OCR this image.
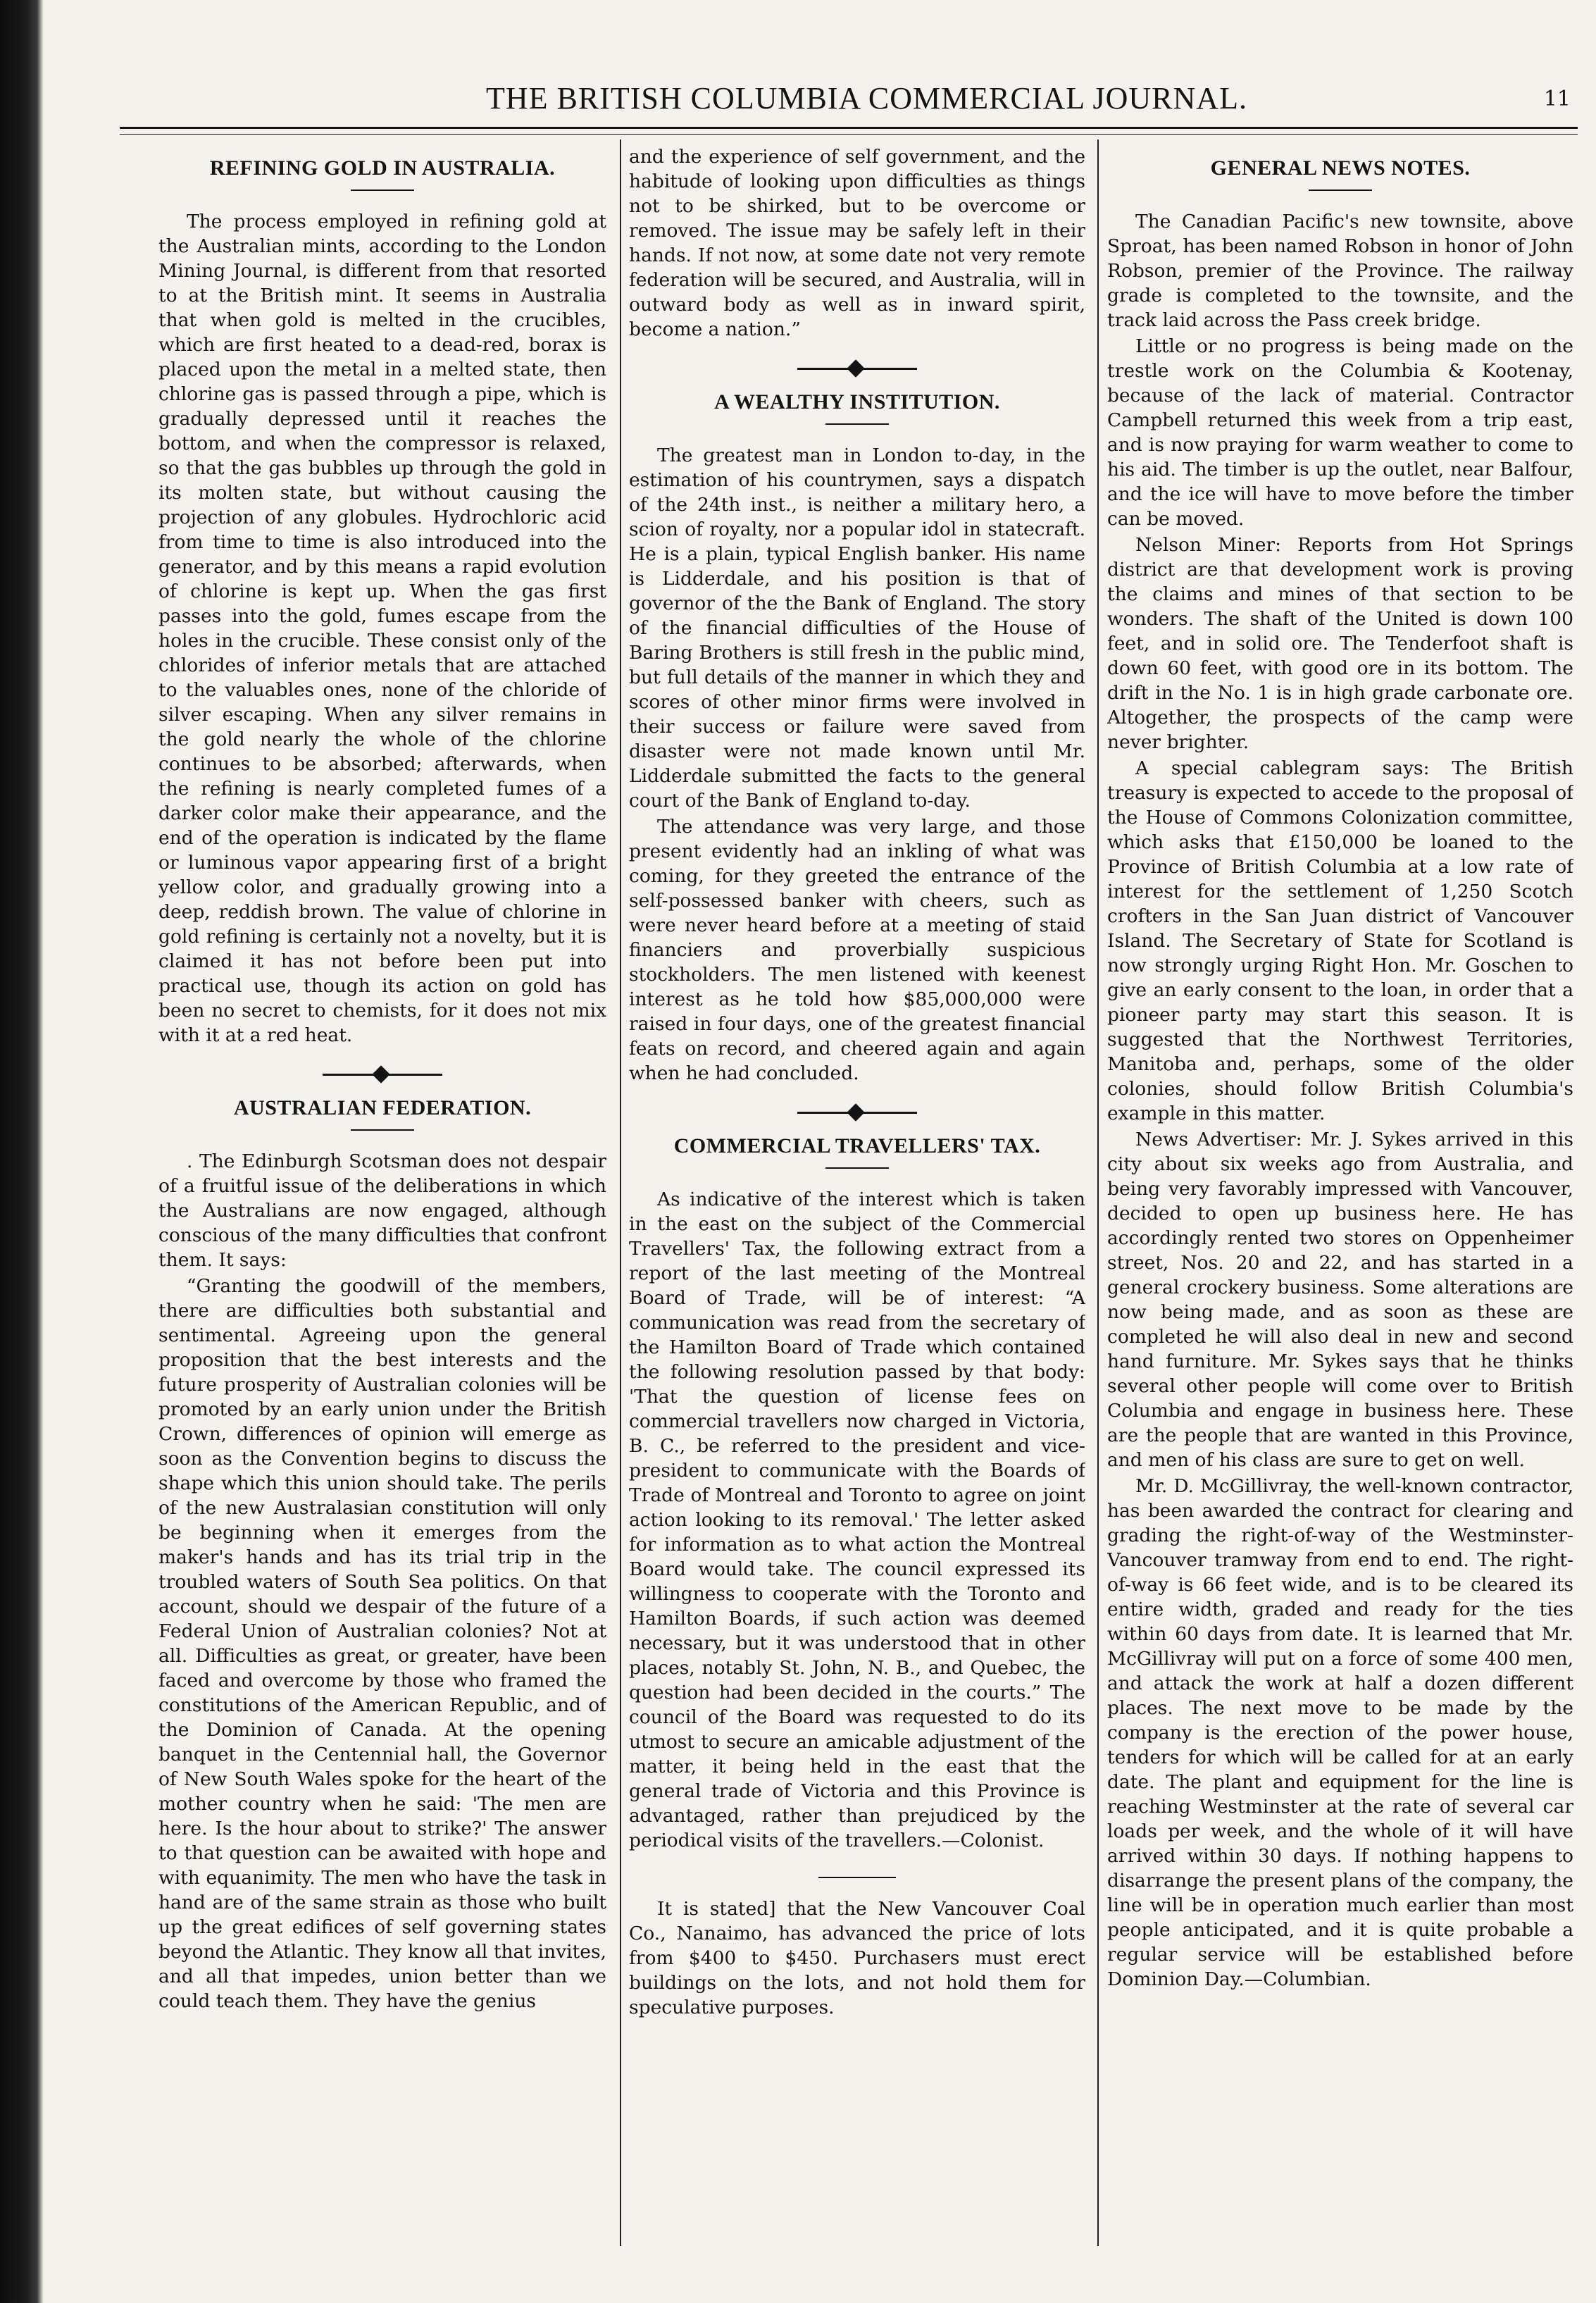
THE BRITISH COLUMBIA COMMERCIAL JOURNAL.	11
REFINING GOLD IN AUSTRALIA.

The process employed in refining gold at the Australian mints, according to the London Mining Journal, is different from that resorted to at the British mint. It seems in Australia that when gold is melted in the crucibles, which are first heated to a dead-red, borax is placed upon the metal in a melted state, then chlorine gas is passed through a pipe, which is gradually depressed until it reaches the bottom, and when the compressor is relaxed, so that the gas bubbles up through the gold in its molten state, but without causing the projection of any globules. Hydrochloric acid from time to time is also introduced into the generator, and by this means a rapid evolution of chlorine is kept up. When the gas first passes into the gold, fumes escape from the holes in the crucible. These consist only of the chlorides of inferior metals that are attached to the valuables ones, none of the chloride of silver escaping. When any silver remains in the gold nearly the whole of the chlorine continues to be absorbed; afterwards, when the refining is nearly completed fumes of a darker color make their appearance, and the end of the operation is indicated by the flame or luminous vapor appearing first of a bright yellow color, and gradually growing into a deep, reddish brown. The value of chlorine in gold refining is certainly not a novelty, but it is claimed it has not before been put into practical use, though its action on gold has been no secret to chemists, for it does not mix with it at a red heat.

AUSTRALIAN FEDERATION.

. The Edinburgh Scotsman does not despair of a fruitful issue of the deliberations in which the Australians are now engaged, although conscious of the many difficulties that confront them. It says:

“Granting the goodwill of the members, there are difficulties both substantial and sentimental. Agreeing upon the general proposition that the best interests and the future prosperity of Australian colonies will be promoted by an early union under the British Crown, differences of opinion will emerge as soon as the Convention begins to discuss the shape which this union should take. The perils of the new Australasian constitution will only be beginning when it emerges from the maker's hands and has its trial trip in the troubled waters of South Sea politics. On that account, should we despair of the future of a Federal Union of Australian colonies? Not at all. Difficulties as great, or greater, have been faced and overcome by those who framed the constitutions of the American Republic, and of the Dominion of Canada. At the opening banquet in the Centennial hall, the Governor of New South Wales spoke for the heart of the mother country when he said: 'The men are here. Is the hour about to strike?' The answer to that question can be awaited with hope and with equanimity. The men who have the task in hand are of the same strain as those who built up the great edifices of self governing states beyond the Atlantic. They know all that invites, and all that impedes, union better than we could teach them. They have the genius

and the experience of self government, and the habitude of looking upon difficulties as things not to be shirked, but to be overcome or removed. The issue may be safely left in their hands. If not now, at some date not very remote federation will be secured, and Australia, will in outward body as well as in inward spirit, become a nation.”

A WEALTHY INSTITUTION.

The greatest man in London to-day, in the estimation of his countrymen, says a dispatch of the 24th inst., is neither a military hero, a scion of royalty, nor a popular idol in statecraft. He is a plain, typical English banker. His name is Lidderdale, and his position is that of governor of the the Bank of England. The story of the financial difficulties of the House of Baring Brothers is still fresh in the public mind, but full details of the manner in which they and scores of other minor firms were involved in their success or failure were saved from disaster were not made known until Mr. Lidderdale submitted the facts to the general court of the Bank of England to-day.

The attendance was very large, and those present evidently had an inkling of what was coming, for they greeted the entrance of the self-possessed banker with cheers, such as were never heard before at a meeting of staid financiers and proverbially suspicious stockholders. The men listened with keenest interest as he told how $85,000,000 were raised in four days, one of the greatest financial feats on record, and cheered again and again when he had concluded.

COMMERCIAL TRAVELLERS' TAX.

As indicative of the interest which is taken in the east on the subject of the Commercial Travellers' Tax, the following extract from a report of the last meeting of the Montreal Board of Trade, will be of interest: “A communication was read from the secretary of the Hamilton Board of Trade which contained the following resolution passed by that body: 'That the question of license fees on commercial travellers now charged in Victoria, B. C., be referred to the president and vice-president to communicate with the Boards of Trade of Montreal and Toronto to agree on joint action looking to its removal.' The letter asked for information as to what action the Montreal Board would take. The council expressed its willingness to cooperate with the Toronto and Hamilton Boards, if such action was deemed necessary, but it was understood that in other places, notably St. John, N. B., and Quebec, the question had been decided in the courts.” The council of the Board was requested to do its utmost to secure an amicable adjustment of the matter, it being held in the east that the general trade of Victoria and this Province is advantaged, rather than prejudiced by the periodical visits of the travellers.—Colonist.

It is stated] that the New Vancouver Coal Co., Nanaimo, has advanced the price of lots from $400 to $450. Purchasers must erect buildings on the lots, and not hold them for speculative purposes.

GENERAL NEWS NOTES.

The Canadian Pacific's new townsite, above Sproat, has been named Robson in honor of John Robson, premier of the Province. The railway grade is completed to the townsite, and the track laid across the Pass creek bridge.

Little or no progress is being made on the trestle work on the Columbia & Kootenay, because of the lack of material. Contractor Campbell returned this week from a trip east, and is now praying for warm weather to come to his aid. The timber is up the outlet, near Balfour, and the ice will have to move before the timber can be moved.

Nelson Miner: Reports from Hot Springs district are that development work is proving the claims and mines of that section to be wonders. The shaft of the United is down 100 feet, and in solid ore. The Tenderfoot shaft is down 60 feet, with good ore in its bottom. The drift in the No. 1 is in high grade carbonate ore. Altogether, the prospects of the camp were never brighter.

A special cablegram says: The British treasury is expected to accede to the proposal of the House of Commons Colonization committee, which asks that £150,000 be loaned to the Province of British Columbia at a low rate of interest for the settlement of 1,250 Scotch crofters in the San Juan district of Vancouver Island. The Secretary of State for Scotland is now strongly urging Right Hon. Mr. Goschen to give an early consent to the loan, in order that a pioneer party may start this season. It is suggested that the Northwest Territories, Manitoba and, perhaps, some of the older colonies, should follow British Columbia's example in this matter.

News Advertiser: Mr. J. Sykes arrived in this city about six weeks ago from Australia, and being very favorably impressed with Vancouver, decided to open up business here. He has accordingly rented two stores on Oppenheimer street, Nos. 20 and 22, and has started in a general crockery business. Some alterations are now being made, and as soon as these are completed he will also deal in new and second hand furniture. Mr. Sykes says that he thinks several other people will come over to British Columbia and engage in business here. These are the people that are wanted in this Province, and men of his class are sure to get on well.

Mr. D. McGillivray, the well-known contractor, has been awarded the contract for clearing and grading the right-of-way of the Westminster-Vancouver tramway from end to end. The right-of-way is 66 feet wide, and is to be cleared its entire width, graded and ready for the ties within 60 days from date. It is learned that Mr. McGillivray will put on a force of some 400 men, and attack the work at half a dozen different places. The next move to be made by the company is the erection of the power house, tenders for which will be called for at an early date. The plant and equipment for the line is reaching Westminster at the rate of several car loads per week, and the whole of it will have arrived within 30 days. If nothing happens to disarrange the present plans of the company, the line will be in operation much earlier than most people anticipated, and it is quite probable a regular service will be established before Dominion Day.—Columbian.
